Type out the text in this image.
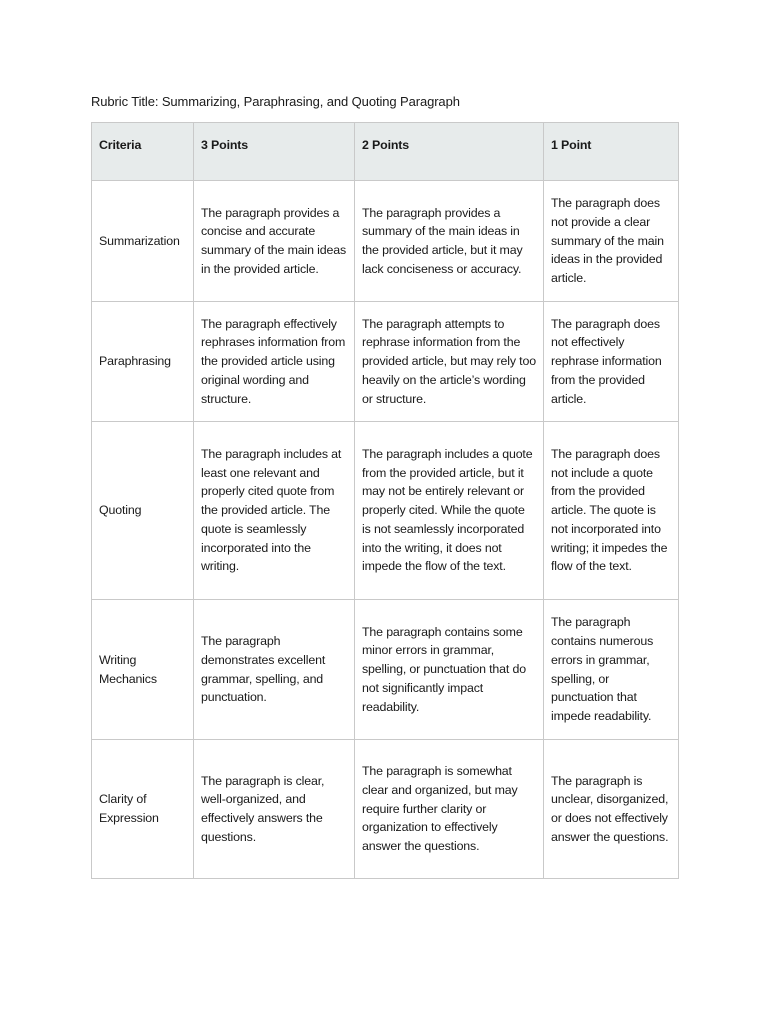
Rubric Title: Summarizing, Paraphrasing, and Quoting Paragraph
Criteria	3 Points	2 Points	1 Point
Summarization	The paragraph provides a concise and accurate summary of the main ideas in the provided article.	The paragraph provides a summary of the main ideas in the provided article, but it may lack conciseness or accuracy.	The paragraph does not provide a clear summary of the main ideas in the provided article.
Paraphrasing	The paragraph effectively rephrases information from the provided article using original wording and structure.	The paragraph attempts to rephrase information from the provided article, but may rely too heavily on the article’s wording or structure.	The paragraph does not effectively rephrase information from the provided article.
Quoting	The paragraph includes at least one relevant and properly cited quote from the provided article. The quote is seamlessly incorporated into the writing.	The paragraph includes a quote from the provided article, but it may not be entirely relevant or properly cited. While the quote is not seamlessly incorporated into the writing, it does not impede the flow of the text.	The paragraph does not include a quote from the provided article. The quote is not incorporated into writing; it impedes the flow of the text.
Writing Mechanics	The paragraph demonstrates excellent grammar, spelling, and punctuation.	The paragraph contains some minor errors in grammar, spelling, or punctuation that do not significantly impact readability.	The paragraph contains numerous errors in grammar, spelling, or punctuation that impede readability.
Clarity of Expression	The paragraph is clear, well-organized, and effectively answers the questions.	The paragraph is somewhat clear and organized, but may require further clarity or organization to effectively answer the questions.	The paragraph is unclear, disorganized, or does not effectively answer the questions.
